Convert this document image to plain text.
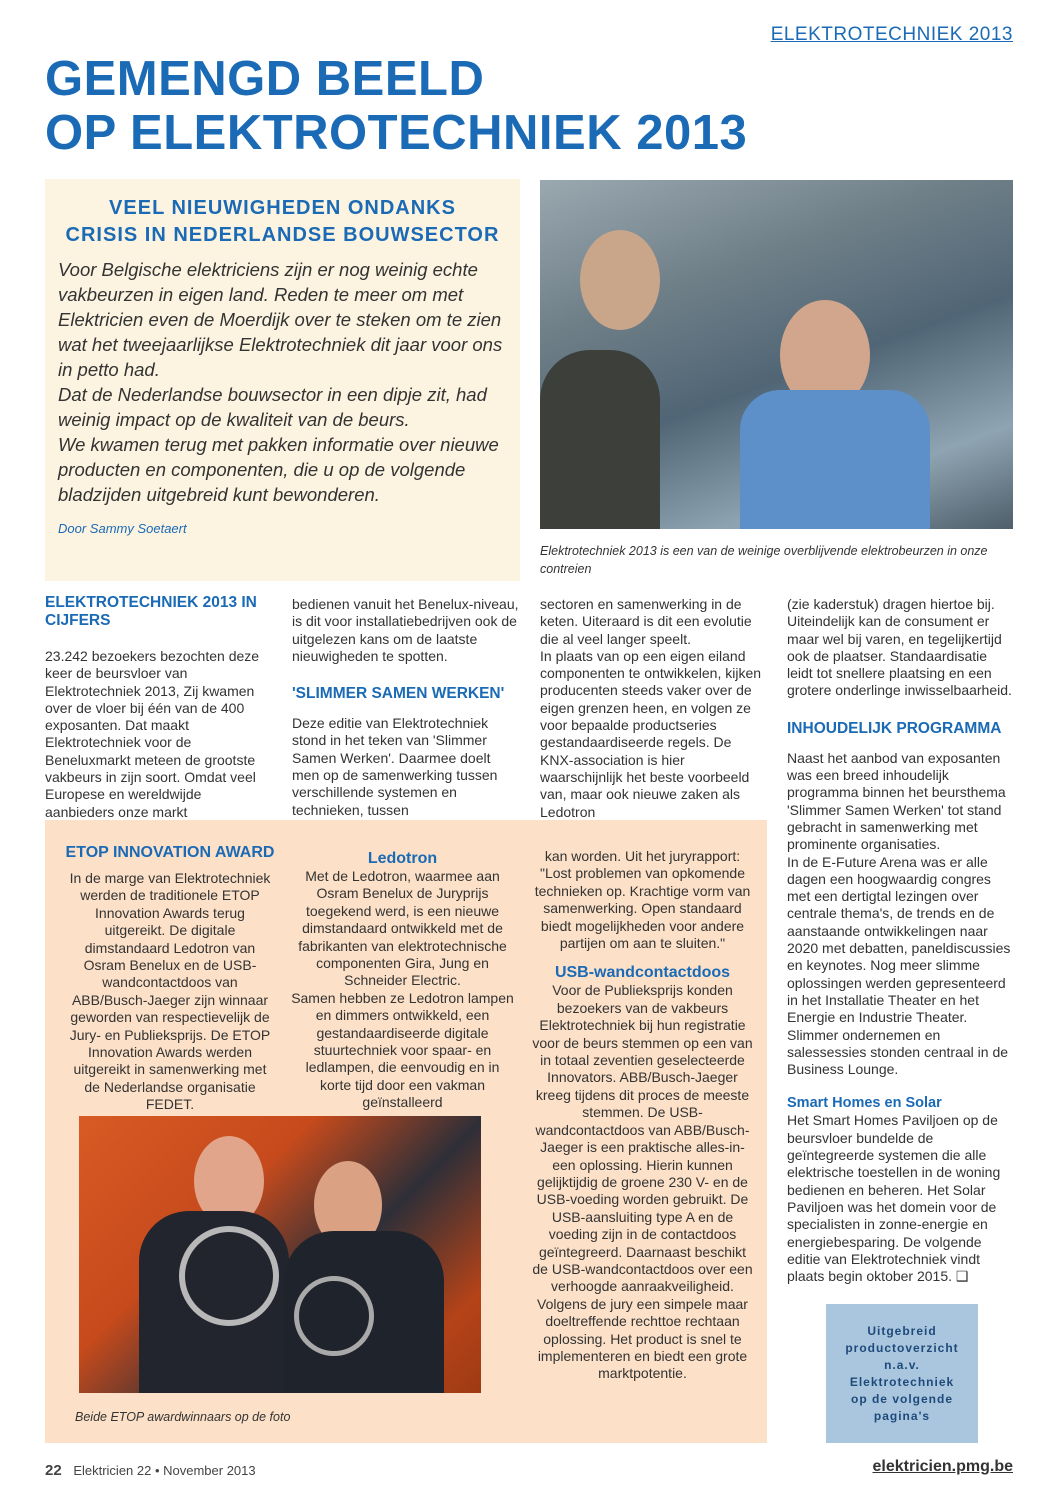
ELEKTROTECHNIEK 2013
GEMENGD BEELD
OP ELEKTROTECHNIEK 2013
VEEL NIEUWIGHEDEN ONDANKS
CRISIS IN NEDERLANDSE BOUWSECTOR

Voor Belgische elektriciens zijn er nog weinig echte vakbeurzen in eigen land. Reden te meer om met Elektricien even de Moerdijk over te steken om te zien wat het tweejaarlijkse Elektrotechniek dit jaar voor ons in petto had.

Dat de Nederlandse bouwsector in een dipje zit, had weinig impact op de kwaliteit van de beurs.

We kwamen terug met pakken informatie over nieuwe producten en componenten, die u op de volgende bladzijden uitgebreid kunt bewonderen.

Door Sammy Soetaert
Elektrotechniek 2013 is een van de weinige overblijvende elektrobeurzen in onze contreien
ELEKTROTECHNIEK 2013 IN CIJFERS

23.242 bezoekers bezochten deze keer de beursvloer van Elektrotechniek 2013, Zij kwamen over de vloer bij één van de 400 exposanten. Dat maakt Elektrotechniek voor de Beneluxmarkt meteen de grootste vakbeurs in zijn soort. Omdat veel Europese en wereldwijde aanbieders onze markt

bedienen vanuit het Benelux-niveau, is dit voor installatiebedrijven ook de uitgelezen kans om de laatste nieuwigheden te spotten.

'SLIMMER SAMEN WERKEN'

Deze editie van Elektrotechniek stond in het teken van 'Slimmer Samen Werken'. Daarmee doelt men op de samenwerking tussen verschillende systemen en technieken, tussen

sectoren en samenwerking in de keten. Uiteraard is dit een evolutie die al veel langer speelt.

In plaats van op een eigen eiland componenten te ontwikkelen, kijken producenten steeds vaker over de eigen grenzen heen, en volgen ze voor bepaalde productseries gestandaardiseerde regels. De KNX-association is hier waarschijnlijk het beste voorbeeld van, maar ook nieuwe zaken als Ledotron

(zie kaderstuk) dragen hiertoe bij. Uiteindelijk kan de consument er maar wel bij varen, en tegelijkertijd ook de plaatser. Standaardisatie leidt tot snellere plaatsing en een grotere onderlinge inwisselbaarheid.

INHOUDELIJK PROGRAMMA

Naast het aanbod van exposanten was een breed inhoudelijk programma binnen het beursthema 'Slimmer Samen Werken' tot stand gebracht in samenwerking met prominente organisaties.

In de E-Future Arena was er alle dagen een hoogwaardig congres met een dertigtal lezingen over centrale thema's, de trends en de aanstaande ontwikkelingen naar 2020 met debatten, paneldiscussies en keynotes. Nog meer slimme oplossingen werden gepresenteerd in het Installatie Theater en het Energie en Industrie Theater. Slimmer ondernemen en salessessies stonden centraal in de Business Lounge.

Smart Homes en Solar

Het Smart Homes Paviljoen op de beursvloer bundelde de geïntegreerde systemen die alle elektrische toestellen in de woning bedienen en beheren. Het Solar Paviljoen was het domein voor de specialisten in zonne-energie en energiebesparing. De volgende editie van Elektrotechniek vindt plaats begin oktober 2015. ❑

ETOP INNOVATION AWARD

In de marge van Elektrotechniek werden de traditionele ETOP Innovation Awards terug uitgereikt. De digitale dimstandaard Ledotron van Osram Benelux en de USB-wandcontactdoos van ABB/Busch-Jaeger zijn winnaar geworden van respectievelijk de Jury- en Publieksprijs. De ETOP Innovation Awards werden uitgereikt in samenwerking met de Nederlandse organisatie FEDET.

Ledotron

Met de Ledotron, waarmee aan Osram Benelux de Juryprijs toegekend werd, is een nieuwe dimstandaard ontwikkeld met de fabrikanten van elektrotechnische componenten Gira, Jung en Schneider Electric.

Samen hebben ze Ledotron lampen en dimmers ontwikkeld, een gestandaardiseerde digitale stuurtechniek voor spaar- en ledlampen, die eenvoudig en in korte tijd door een vakman geïnstalleerd

kan worden. Uit het juryrapport: "Lost problemen van opkomende technieken op. Krachtige vorm van samenwerking. Open standaard biedt mogelijkheden voor andere partijen om aan te sluiten."

USB-wandcontactdoos

Voor de Publieksprijs konden bezoekers van de vakbeurs Elektrotechniek bij hun registratie voor de beurs stemmen op een van in totaal zeventien geselecteerde Innovators. ABB/Busch-Jaeger kreeg tijdens dit proces de meeste stemmen. De USB-wandcontactdoos van ABB/Busch-Jaeger is een praktische alles-in-een oplossing. Hierin kunnen gelijktijdig de groene 230 V- en de USB-voeding worden gebruikt. De USB-aansluiting type A en de voeding zijn in de contactdoos geïntegreerd. Daarnaast beschikt de USB-wandcontactdoos over een verhoogde aanraakveiligheid. Volgens de jury een simpele maar doeltreffende rechttoe rechtaan oplossing. Het product is snel te implementeren en biedt een grote marktpotentie.

Beide ETOP awardwinnaars op de foto
Uitgebreid
productoverzicht
n.a.v.
Elektrotechniek
op de volgende
pagina's
22 Elektricien 22 • November 2013	elektricien.pmg.be
